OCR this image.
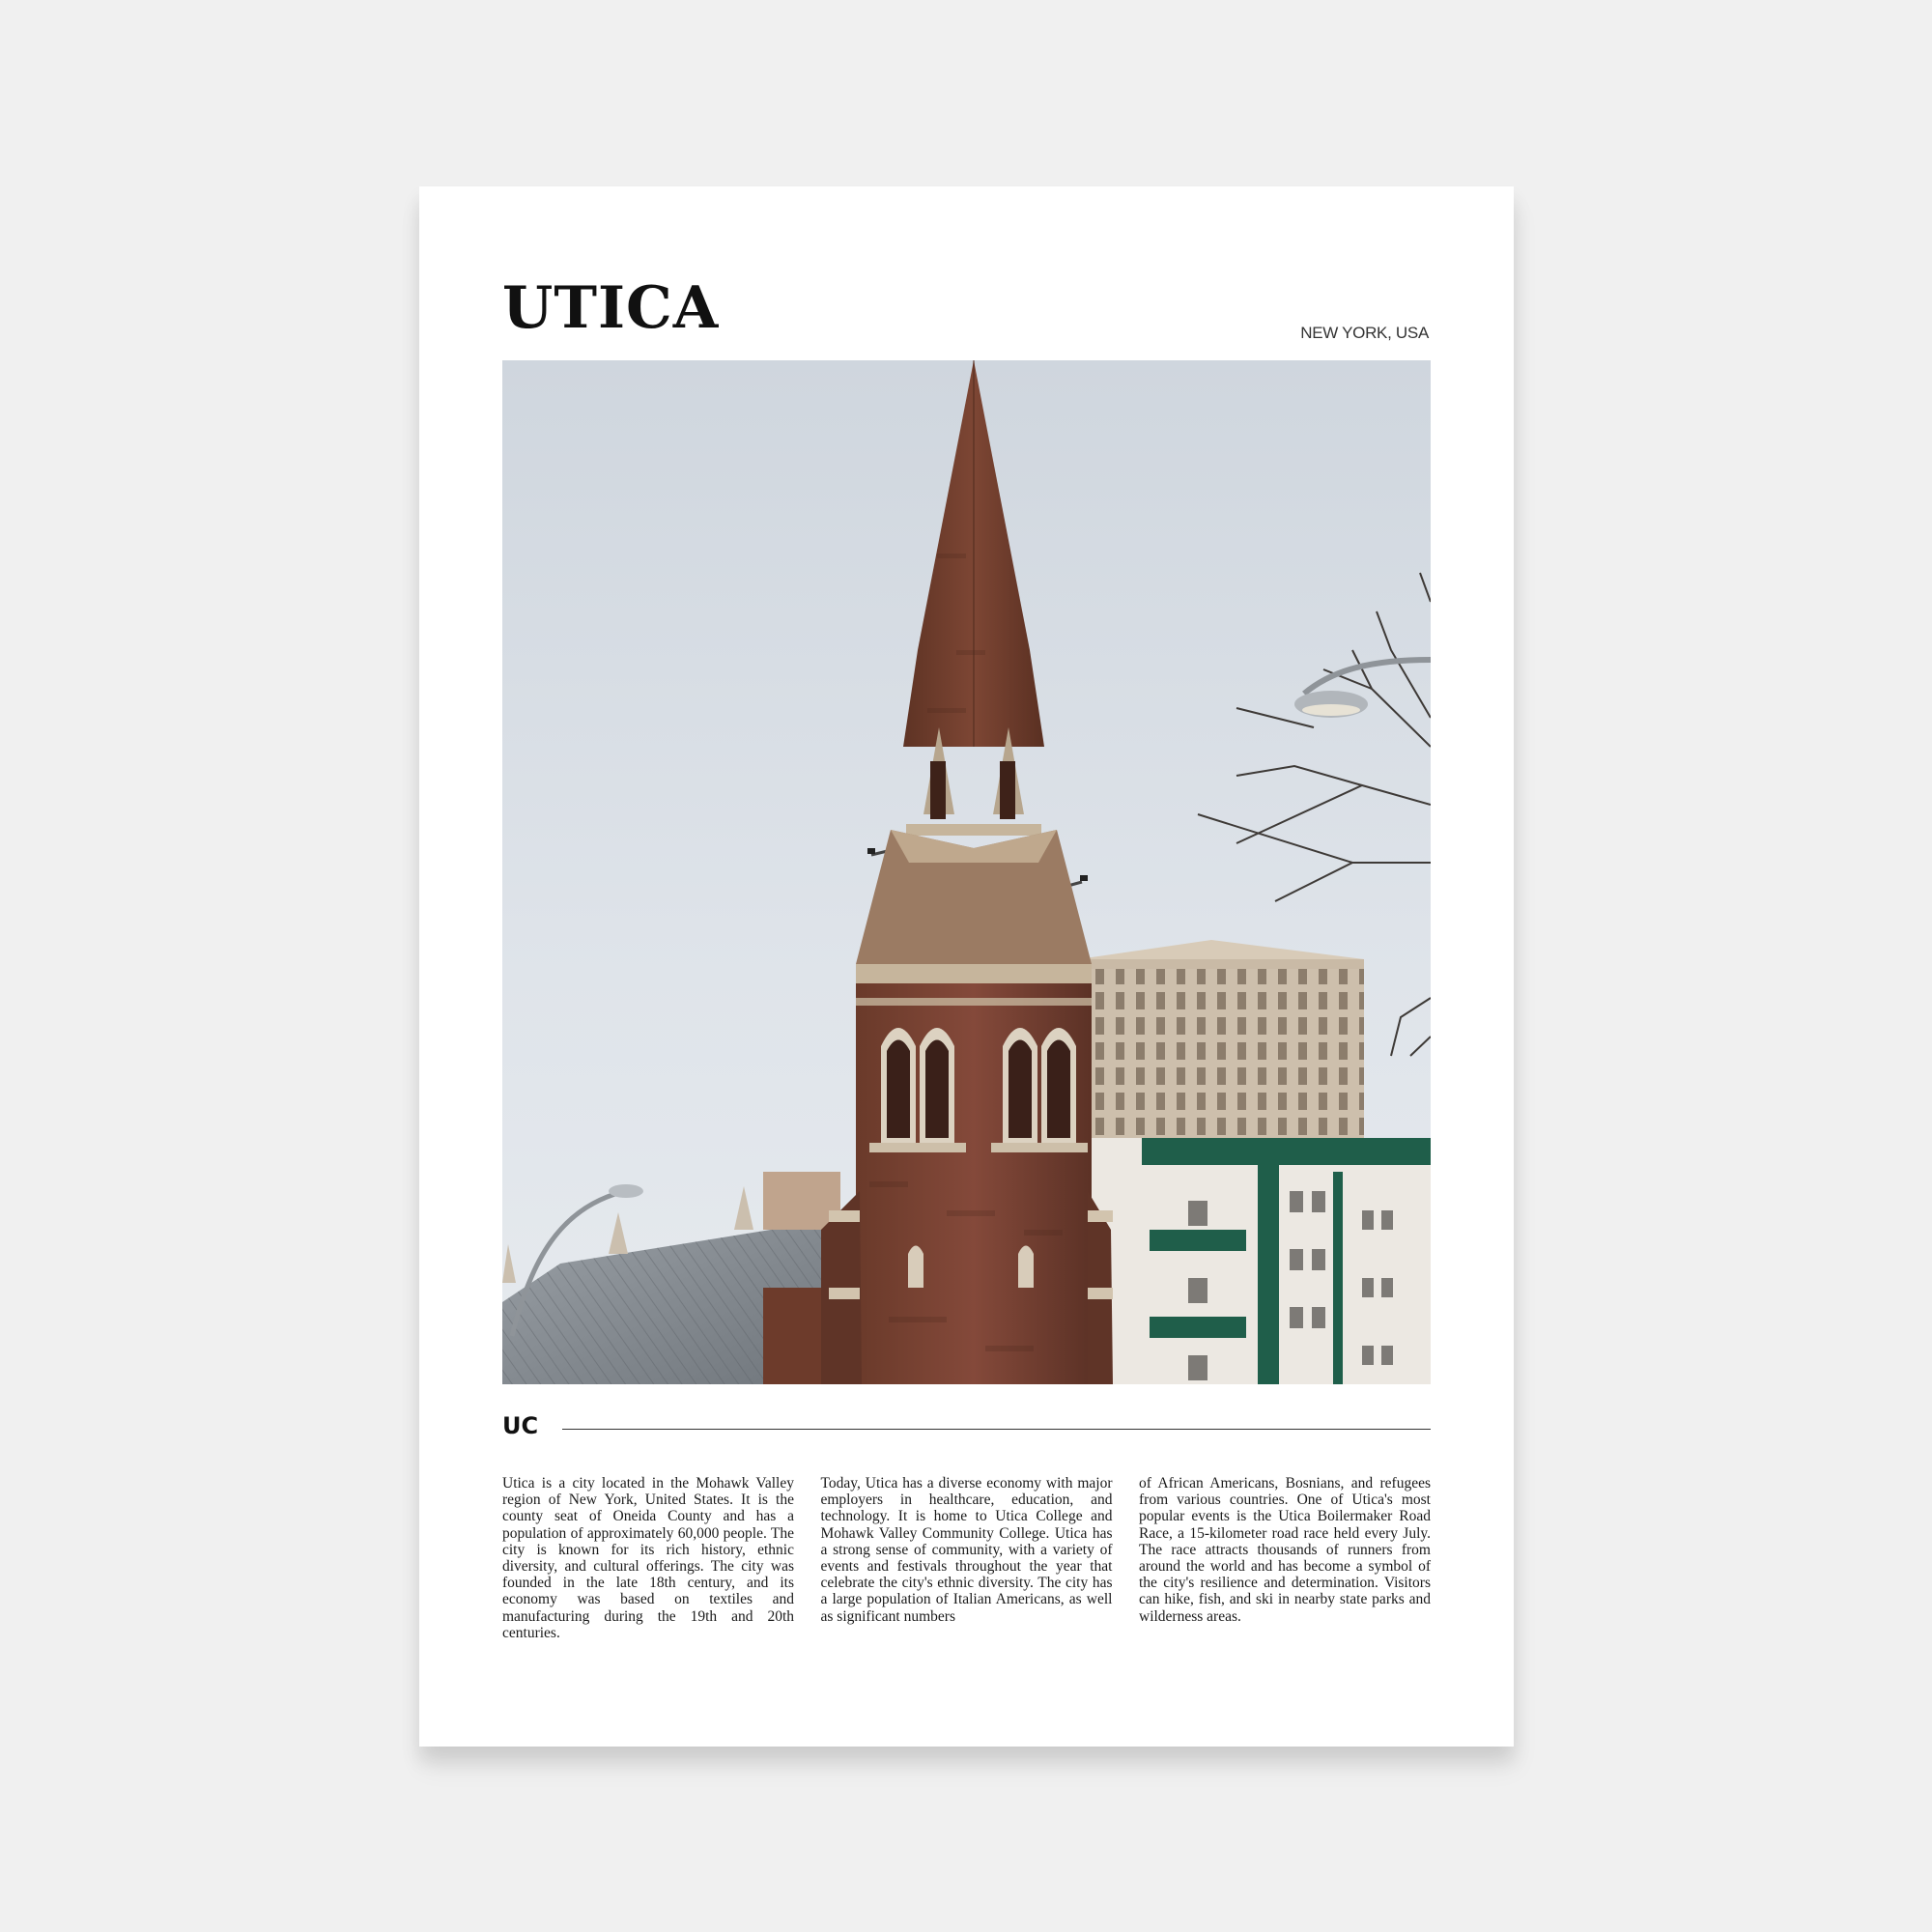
UTICA	NEW YORK, USA
UC

Utica is a city located in the Mohawk Valley region of New York, United States. It is the county seat of Oneida County and has a population of approximately 60,000 people. The city is known for its rich history, ethnic diversity, and cultural offerings. The city was founded in the late 18th century, and its economy was based on textiles and manufacturing during the 19th and 20th centuries.

Today, Utica has a diverse economy with major employers in healthcare, education, and technology. It is home to Utica College and Mohawk Valley Community College. Utica has a strong sense of community, with a variety of events and festivals throughout the year that celebrate the city's ethnic diversity. The city has a large population of Italian Americans, as well as significant numbers

of African Americans, Bosnians, and refugees from various countries. One of Utica's most popular events is the Utica Boilermaker Road Race, a 15-kilometer road race held every July. The race attracts thousands of runners from around the world and has become a symbol of the city's resilience and determination. Visitors can hike, fish, and ski in nearby state parks and wilderness areas.
